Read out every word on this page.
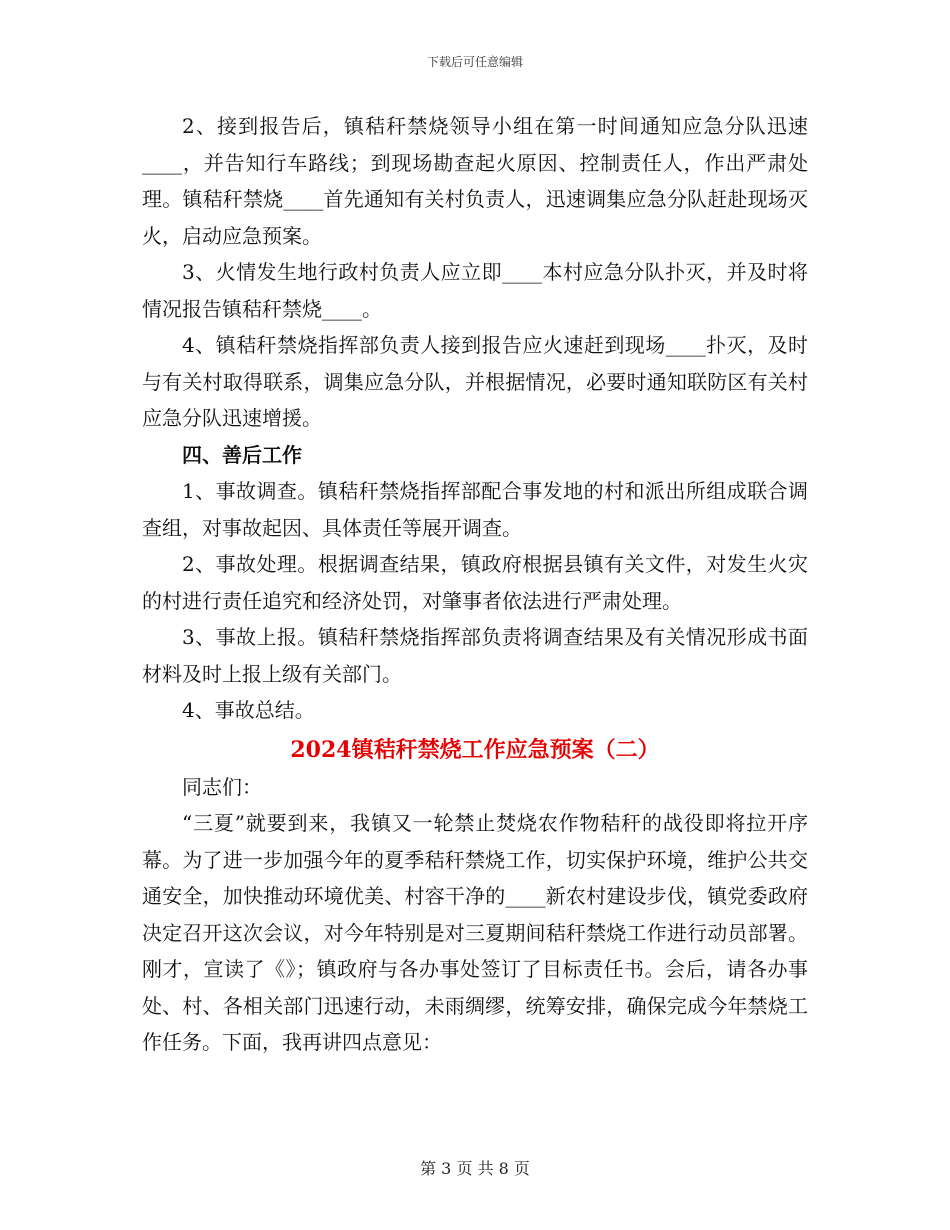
下载后可任意编辑

2、接到报告后，镇秸秆禁烧领导小组在第一时间通知应急分队迅速____，并告知行车路线；到现场勘查起火原因、控制责任人，作出严肃处理。镇秸秆禁烧____首先通知有关村负责人，迅速调集应急分队赶赴现场灭火，启动应急预案。

3、火情发生地行政村负责人应立即____本村应急分队扑灭，并及时将情况报告镇秸秆禁烧____。

4、镇秸秆禁烧指挥部负责人接到报告应火速赶到现场____扑灭，及时与有关村取得联系，调集应急分队，并根据情况，必要时通知联防区有关村应急分队迅速增援。

四、善后工作

1、事故调查。镇秸秆禁烧指挥部配合事发地的村和派出所组成联合调查组，对事故起因、具体责任等展开调查。

2、事故处理。根据调查结果，镇政府根据县镇有关文件，对发生火灾的村进行责任追究和经济处罚，对肇事者依法进行严肃处理。

3、事故上报。镇秸秆禁烧指挥部负责将调查结果及有关情况形成书面材料及时上报上级有关部门。

4、事故总结。

2024镇秸秆禁烧工作应急预案（二）

同志们：

“三夏”就要到来，我镇又一轮禁止焚烧农作物秸秆的战役即将拉开序幕。为了进一步加强今年的夏季秸秆禁烧工作，切实保护环境，维护公共交通安全，加快推动环境优美、村容干净的____新农村建设步伐，镇党委政府决定召开这次会议，对今年特别是对三夏期间秸秆禁烧工作进行动员部署。刚才，宣读了《》；镇政府与各办事处签订了目标责任书。会后，请各办事处、村、各相关部门迅速行动，未雨绸缪，统筹安排，确保完成今年禁烧工作任务。下面，我再讲四点意见：

第 3 页 共 8 页
